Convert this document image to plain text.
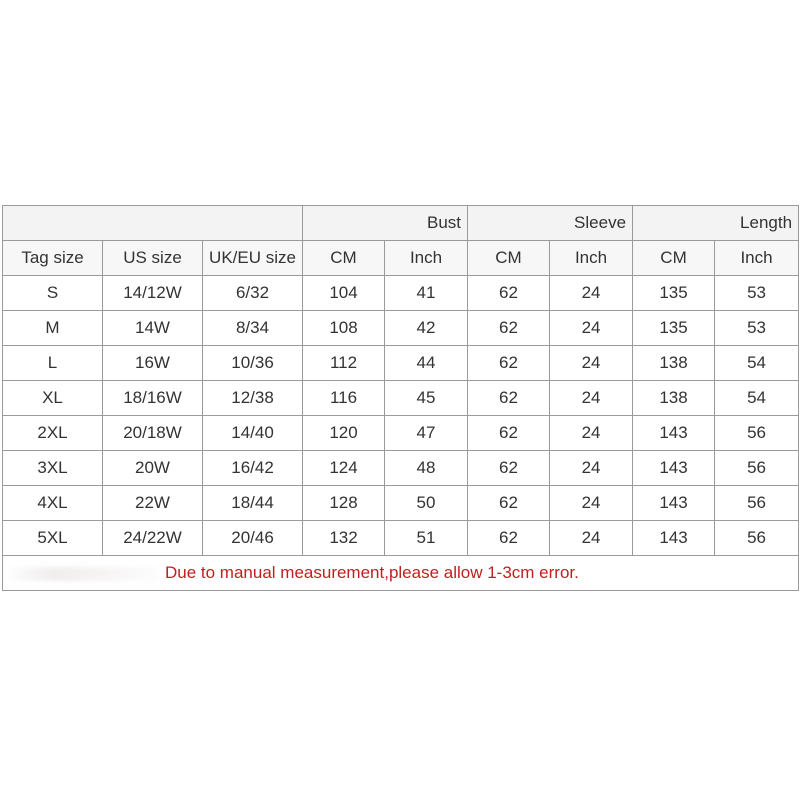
			Bust		Sleeve		Length	
Tag size	US size	UK/EU size	CM	Inch	CM	Inch	CM	Inch
S	14/12W	6/32	104	41	62	24	135	53
M	14W	8/34	108	42	62	24	135	53
L	16W	10/36	112	44	62	24	138	54
XL	18/16W	12/38	116	45	62	24	138	54
2XL	20/18W	14/40	120	47	62	24	143	56
3XL	20W	16/42	124	48	62	24	143	56
4XL	22W	18/44	128	50	62	24	143	56
5XL	24/22W	20/46	132	51	62	24	143	56
Due to manual measurement,please allow 1-3cm error.								
